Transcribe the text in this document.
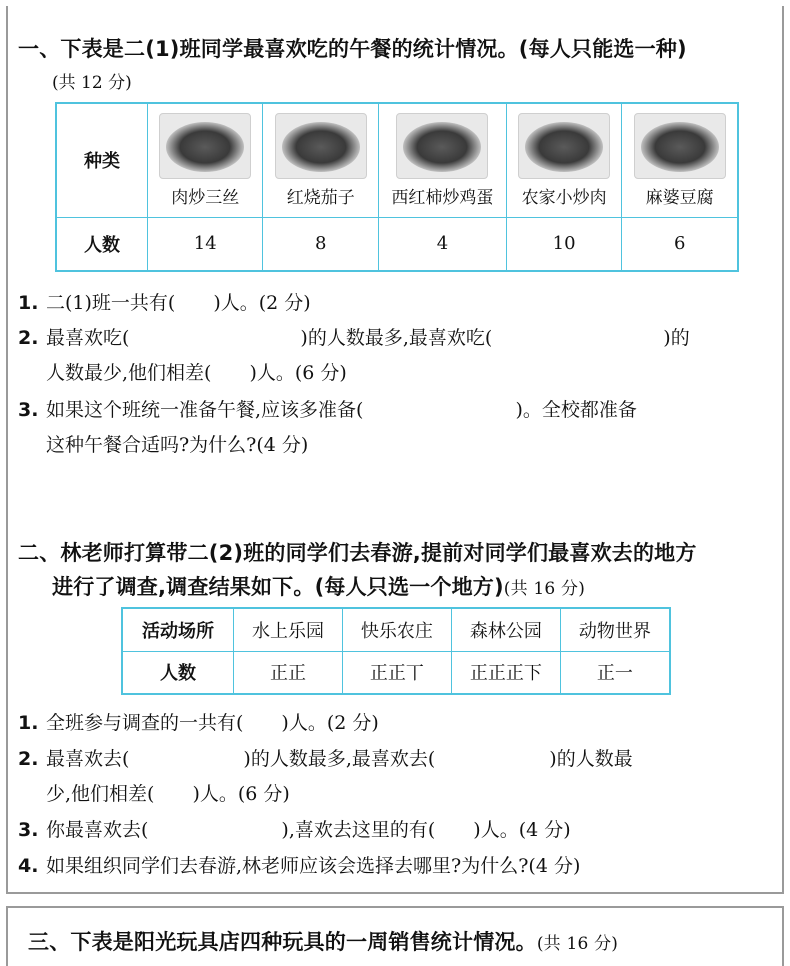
一、下表是二(1)班同学最喜欢吃的午餐的统计情况。(每人只能选一种)
(共 12 分)
种类	肉炒三丝	红烧茄子	西红柿炒鸡蛋	农家小炒肉	麻婆豆腐

人数	14	8	4	10	6
1. 二(1)班一共有(　　)人。(2 分)
2. 最喜欢吃(　　　　　　　　　)的人数最多,最喜欢吃(　　　　　　　　　)的
人数最少,他们相差(　　)人。(6 分)
3. 如果这个班统一准备午餐,应该多准备(　　　　　　　　)。全校都准备
这种午餐合适吗?为什么?(4 分)
二、林老师打算带二(2)班的同学们去春游,提前对同学们最喜欢去的地方
进行了调查,调查结果如下。(每人只选一个地方)(共 16 分)
活动场所	水上乐园	快乐农庄	森林公园	动物世界
人数	正正	正正丅	正正正下	正一
1. 全班参与调查的一共有(　　)人。(2 分)
2. 最喜欢去(　　　　　　)的人数最多,最喜欢去(　　　　　　)的人数最
少,他们相差(　　)人。(6 分)
3. 你最喜欢去(　　　　　　　),喜欢去这里的有(　　)人。(4 分)
4. 如果组织同学们去春游,林老师应该会选择去哪里?为什么?(4 分)
三、下表是阳光玩具店四种玩具的一周销售统计情况。(共 16 分)
